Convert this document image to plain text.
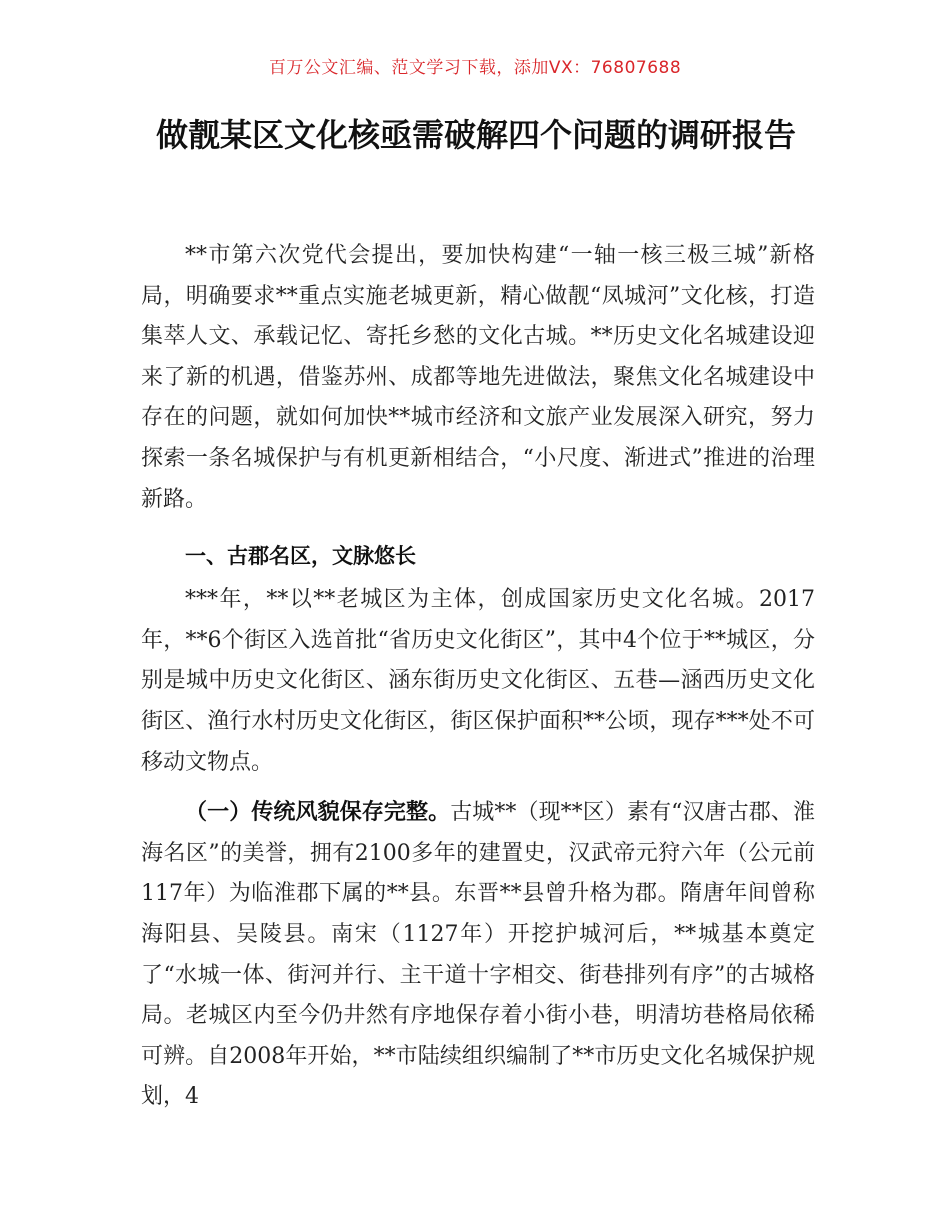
百万公文汇编、范文学习下载，添加VX：76807688
做靓某区文化核亟需破解四个问题的调研报告

**市第六次党代会提出，要加快构建“一轴一核三极三城”新格局，明确要求**重点实施老城更新，精心做靓“凤城河”文化核，打造集萃人文、承载记忆、寄托乡愁的文化古城。**历史文化名城建设迎来了新的机遇，借鉴苏州、成都等地先进做法，聚焦文化名城建设中存在的问题，就如何加快**城市经济和文旅产业发展深入研究，努力探索一条名城保护与有机更新相结合，“小尺度、渐进式”推进的治理新路。

一、古郡名区，文脉悠长

***年，**以**老城区为主体，创成国家历史文化名城。2017年，**6个街区入选首批“省历史文化街区”，其中4个位于**城区，分别是城中历史文化街区、涵东街历史文化街区、五巷—涵西历史文化街区、渔行水村历史文化街区，街区保护面积**公顷，现存***处不可移动文物点。

（一）传统风貌保存完整。古城**（现**区）素有“汉唐古郡、淮海名区”的美誉，拥有2100多年的建置史，汉武帝元狩六年（公元前117年）为临淮郡下属的**县。东晋**县曾升格为郡。隋唐年间曾称海阳县、吴陵县。南宋（1127年）开挖护城河后，**城基本奠定了“水城一体、街河并行、主干道十字相交、街巷排列有序”的古城格局。老城区内至今仍井然有序地保存着小街小巷，明清坊巷格局依稀可辨。自2008年开始，**市陆续组织编制了**市历史文化名城保护规划，4
